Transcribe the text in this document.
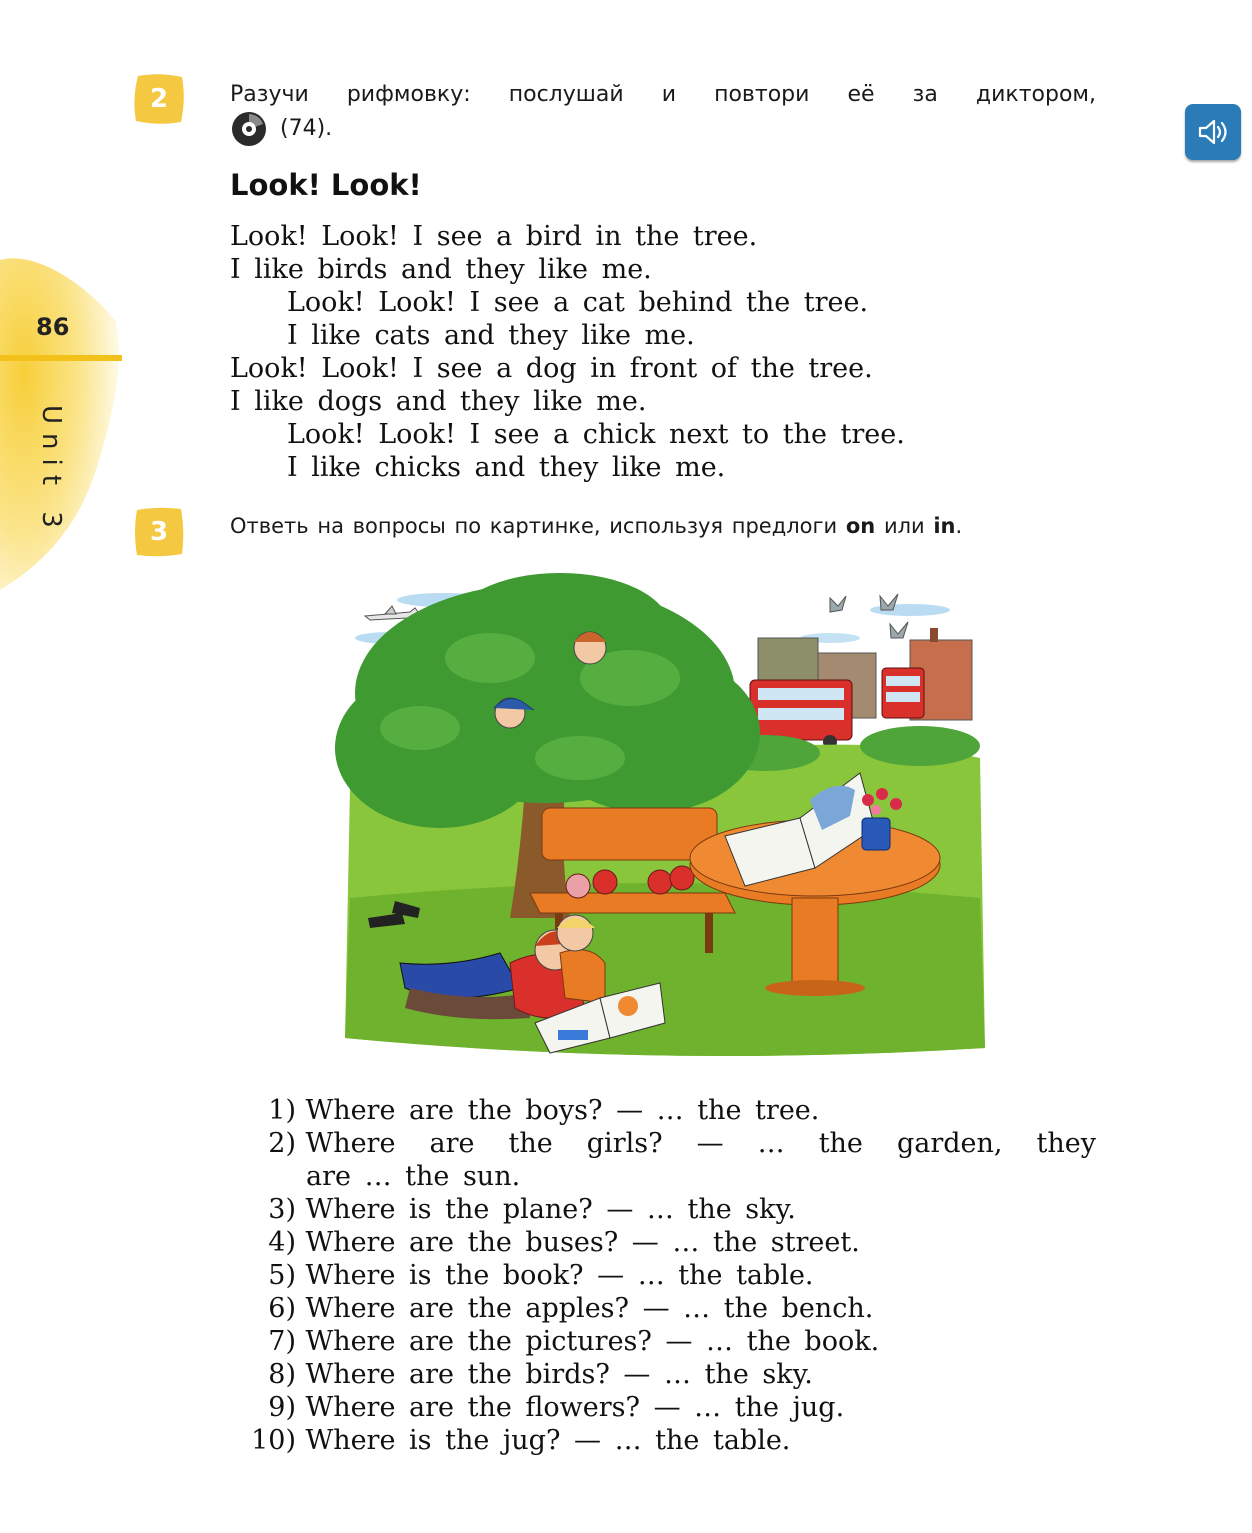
86
Unit 3
2	Разучи рифмовку: послушай и повтори её за диктором,
(74).
Look! Look!
Look! Look! I see a bird in the tree.
I like birds and they like me.
Look! Look! I see a cat behind the tree.
I like cats and they like me.
Look! Look! I see a dog in front of the tree.
I like dogs and they like me.
Look! Look! I see a chick next to the tree.
I like chicks and they like me.
3	Ответь на вопросы по картинке, используя предлоги on или in.
1) Where are the boys? — … the tree.
2) Where are the girls? — … the garden, they
are … the sun.
3) Where is the plane? — … the sky.
4) Where are the buses? — … the street.
5) Where is the book? — … the table.
6) Where are the apples? — … the bench.
7) Where are the pictures? — … the book.
8) Where are the birds? — … the sky.
9) Where are the flowers? — … the jug.
10) Where is the jug? — … the table.
